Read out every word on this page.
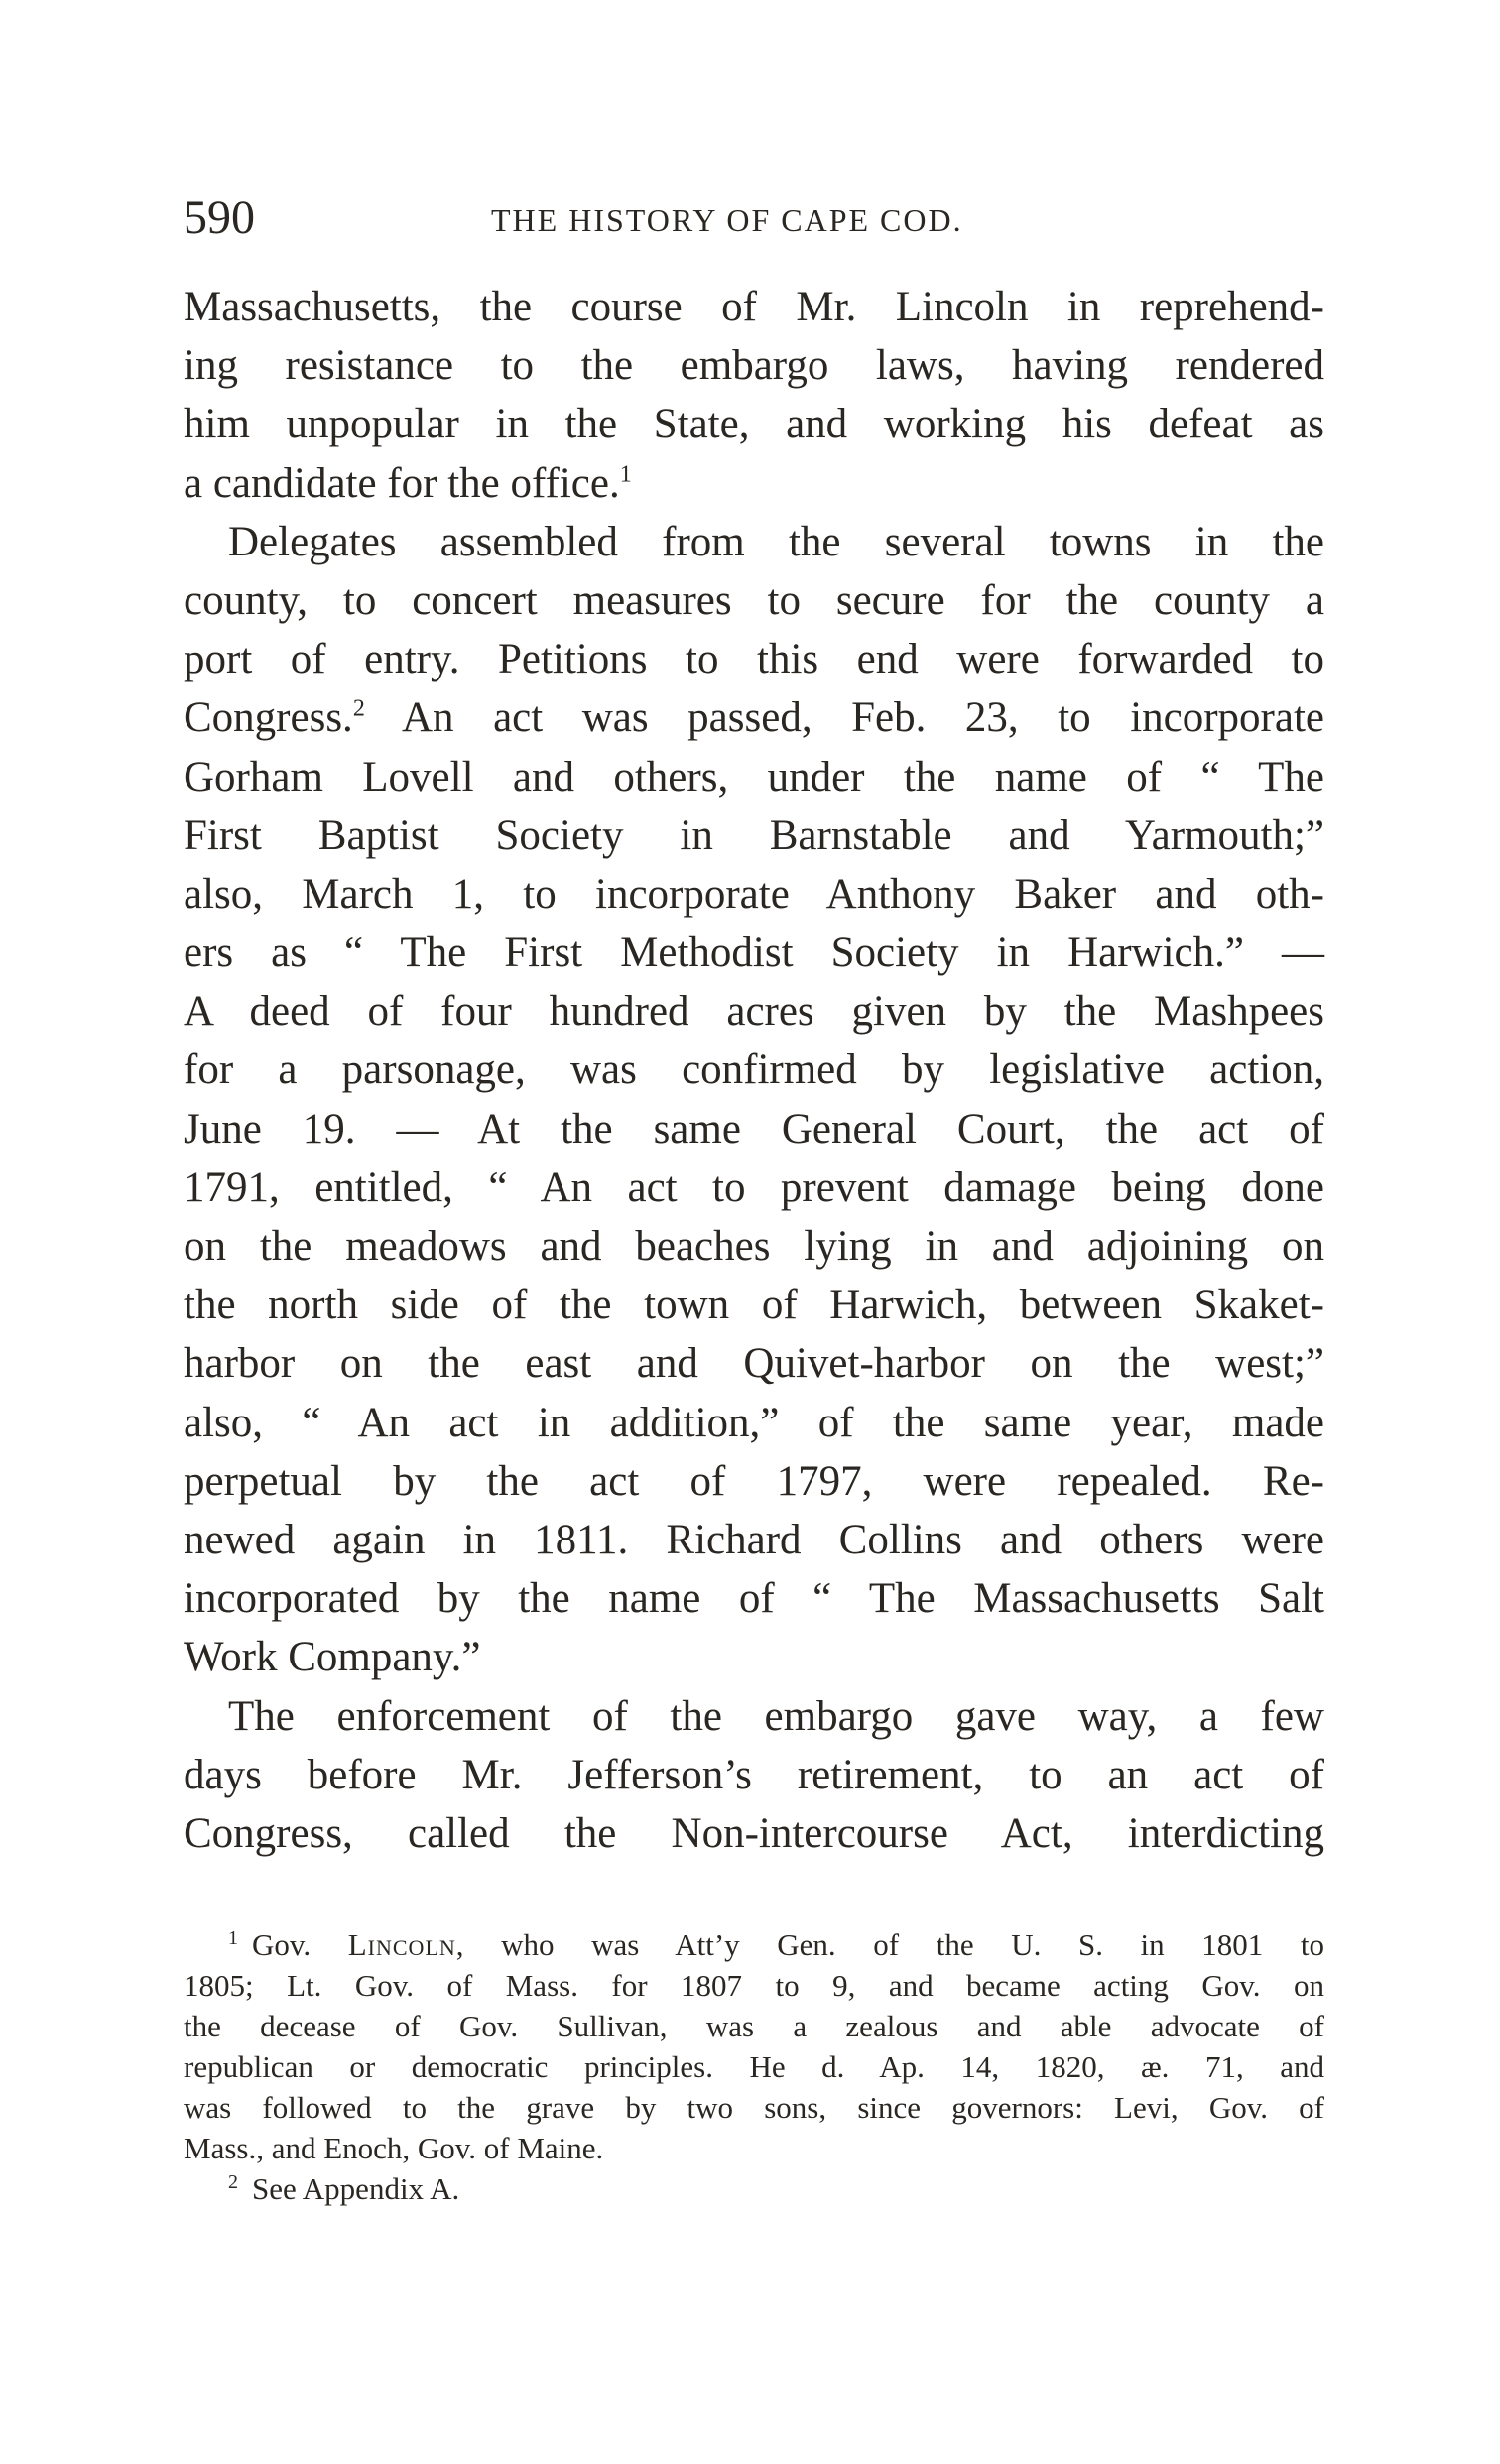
590	THE HISTORY OF CAPE COD.
Massachusetts, the course of Mr. Lincoln in reprehend-
ing resistance to the embargo laws, having rendered
him unpopular in the State, and working his defeat as
a candidate for the office.$^1$
Delegates assembled from the several towns in the
county, to concert measures to secure for the county a
port of entry. Petitions to this end were forwarded to
Congress.$^2$ An act was passed, Feb. 23, to incorporate
Gorham Lovell and others, under the name of “ The
First Baptist Society in Barnstable and Yarmouth;”
also, March 1, to incorporate Anthony Baker and oth-
ers as “ The First Methodist Society in Harwich.” —
A deed of four hundred acres given by the Mashpees
for a parsonage, was confirmed by legislative action,
June 19. — At the same General Court, the act of
1791, entitled, “ An act to prevent damage being done
on the meadows and beaches lying in and adjoining on
the north side of the town of Harwich, between Skaket-
harbor on the east and Quivet-harbor on the west;”
also, “ An act in addition,” of the same year, made
perpetual by the act of 1797, were repealed. Re-
newed again in 1811. Richard Collins and others were
incorporated by the name of “ The Massachusetts Salt
Work Company.”
The enforcement of the embargo gave way, a few
days before Mr. Jefferson’s retirement, to an act of
Congress, called the Non-intercourse Act, interdicting
$^1$ Gov. Lincoln, who was Att’y Gen. of the U. S. in 1801 to
1805; Lt. Gov. of Mass. for 1807 to 9, and became acting Gov. on
the decease of Gov. Sullivan, was a zealous and able advocate of
republican or democratic principles. He d. Ap. 14, 1820, æ. 71, and
was followed to the grave by two sons, since governors: Levi, Gov. of
Mass., and Enoch, Gov. of Maine.
$^2$ See Appendix A.
